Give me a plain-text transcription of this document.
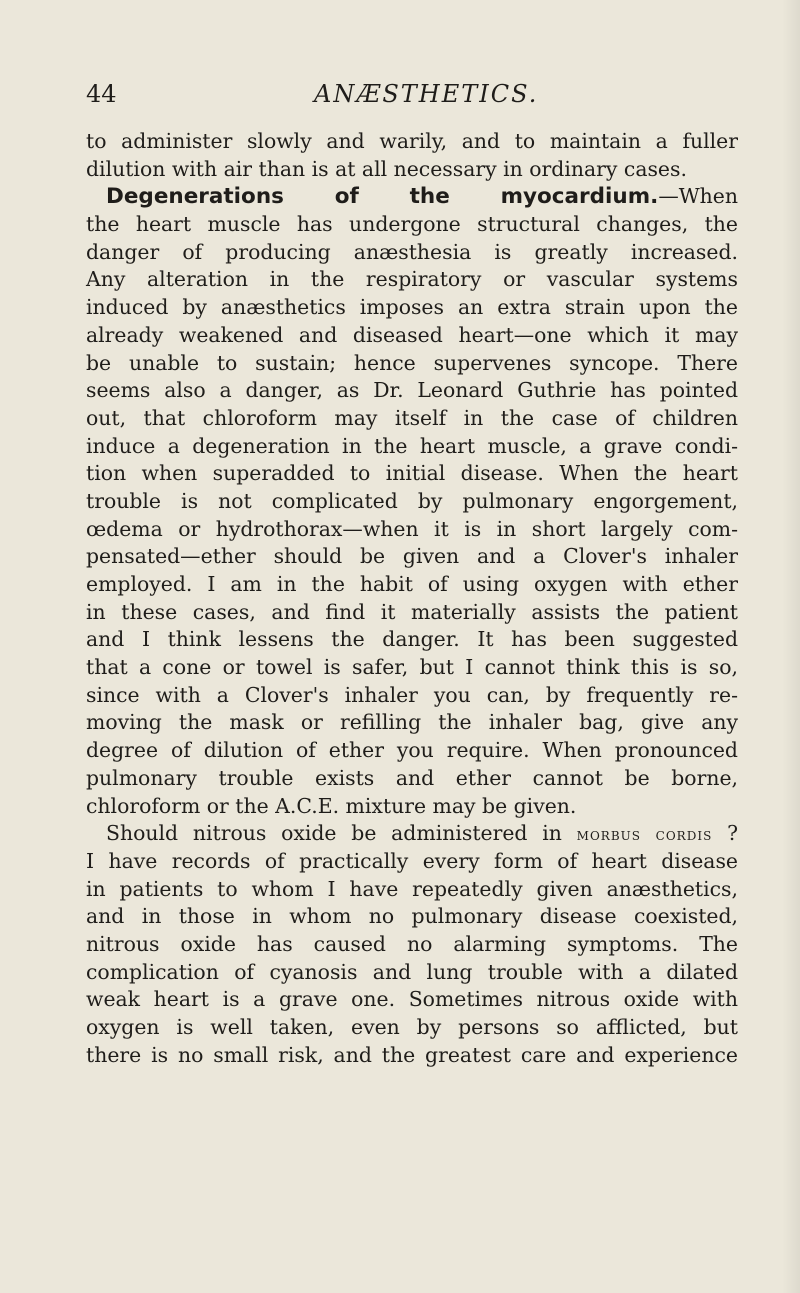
44	ANÆSTHETICS.
to administer slowly and warily, and to maintain a fuller
dilution with air than is at all necessary in ordinary cases.
Degenerations of the myocardium.—When
the heart muscle has undergone structural changes, the
danger of producing anæsthesia is greatly increased.
Any alteration in the respiratory or vascular systems
induced by anæsthetics imposes an extra strain upon the
already weakened and diseased heart—one which it may
be unable to sustain; hence supervenes syncope. There
seems also a danger, as Dr. Leonard Guthrie has pointed
out, that chloroform may itself in the case of children
induce a degeneration in the heart muscle, a grave condi-
tion when superadded to initial disease. When the heart
trouble is not complicated by pulmonary engorgement,
œdema or hydrothorax—when it is in short largely com-
pensated—ether should be given and a Clover's inhaler
employed. I am in the habit of using oxygen with ether
in these cases, and find it materially assists the patient
and I think lessens the danger. It has been suggested
that a cone or towel is safer, but I cannot think this is so,
since with a Clover's inhaler you can, by frequently re-
moving the mask or refilling the inhaler bag, give any
degree of dilution of ether you require. When pronounced
pulmonary trouble exists and ether cannot be borne,
chloroform or the A.C.E. mixture may be given.
Should nitrous oxide be administered in morbus cordis ?
I have records of practically every form of heart disease
in patients to whom I have repeatedly given anæsthetics,
and in those in whom no pulmonary disease coexisted,
nitrous oxide has caused no alarming symptoms. The
complication of cyanosis and lung trouble with a dilated
weak heart is a grave one. Sometimes nitrous oxide with
oxygen is well taken, even by persons so afflicted, but
there is no small risk, and the greatest care and experience
